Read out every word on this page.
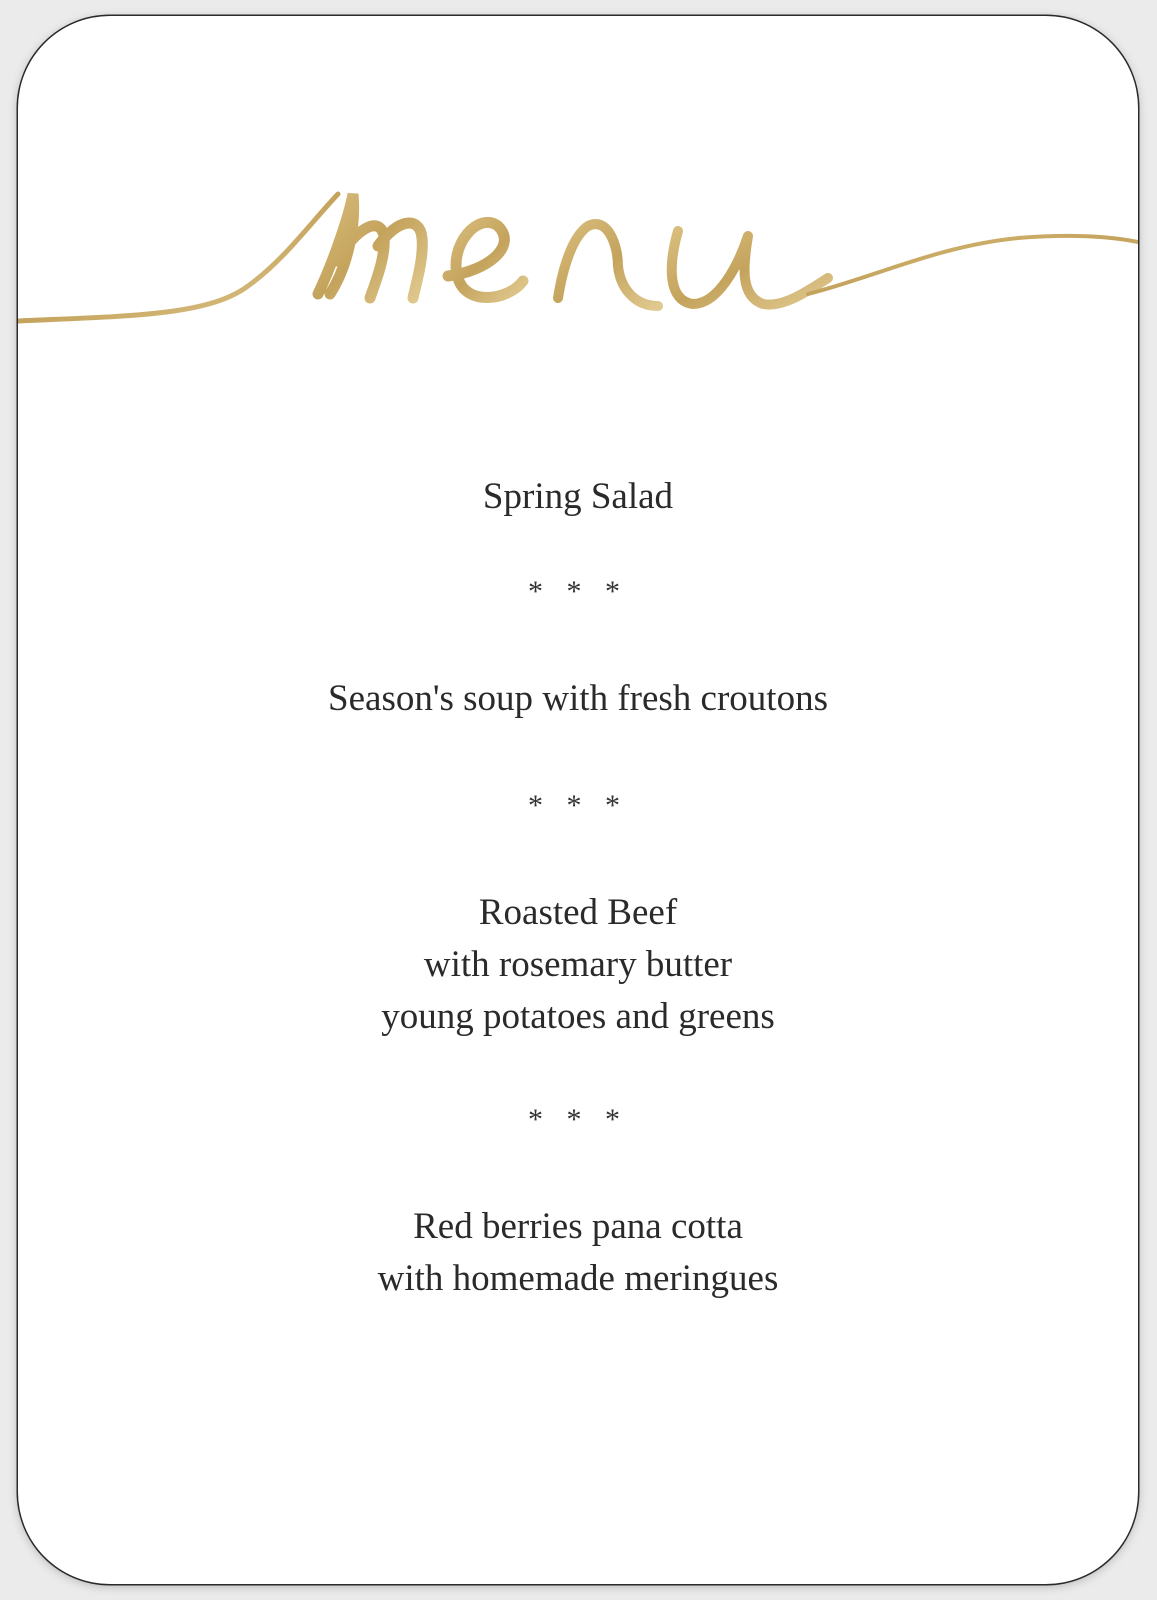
Spring Salad
* * *
Season's soup with fresh croutons
* * *
Roasted Beef
with rosemary butter
young potatoes and greens
* * *
Red berries pana cotta
with homemade meringues
